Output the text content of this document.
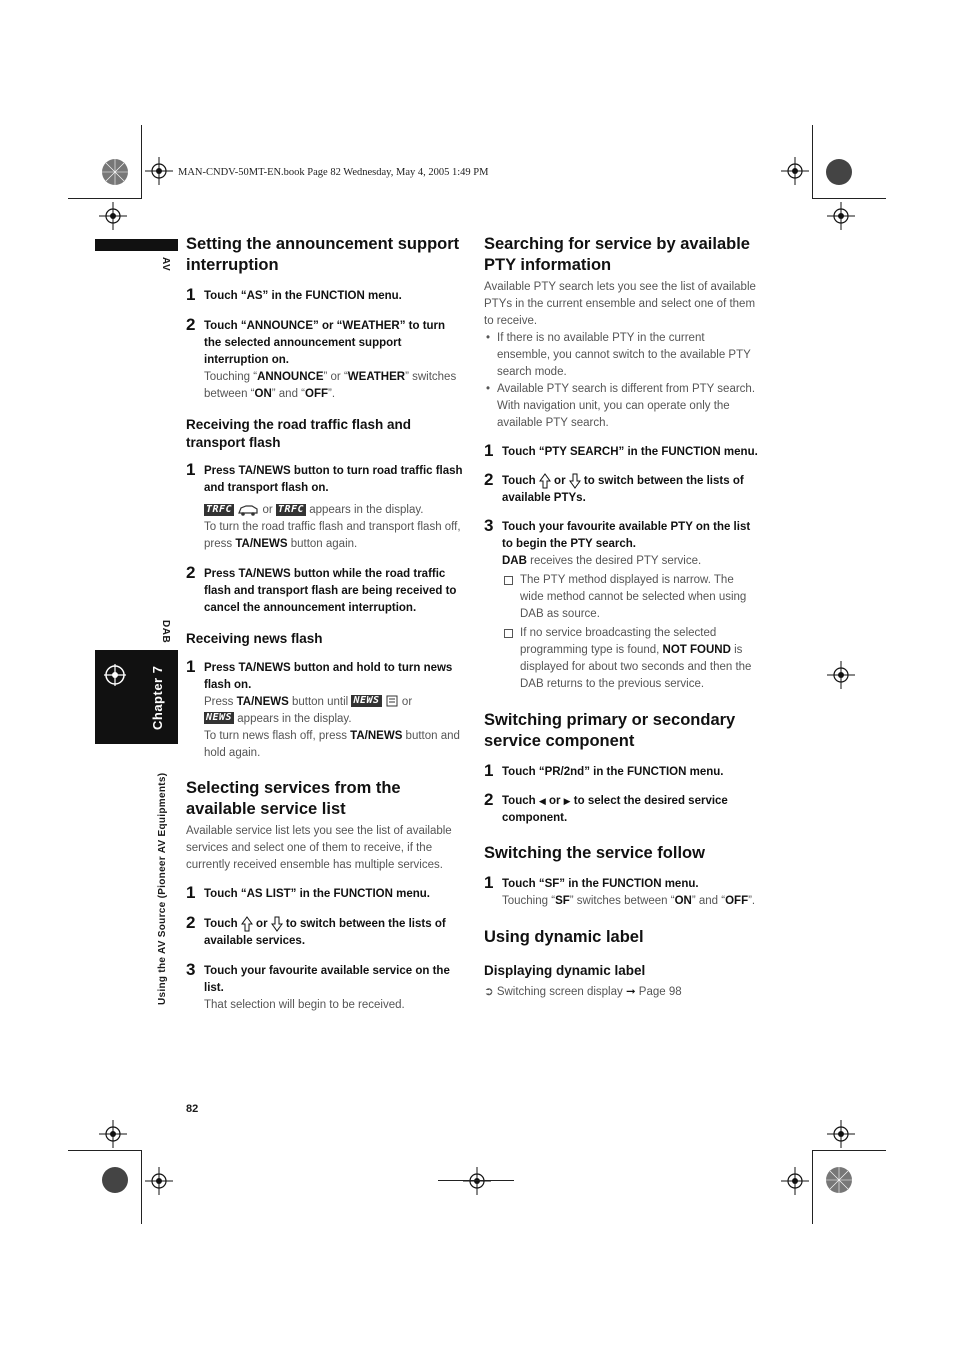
MAN-CNDV-50MT-EN.book Page 82 Wednesday, May 4, 2005 1:49 PM
AV
DAB
Chapter 7
Using the AV Source (Pioneer AV Equipments)

Setting the announcement support interruption

1 Touch “AS” in the FUNCTION menu.
2 Touch “ANNOUNCE” or “WEATHER” to turn the selected announcement support interruption on.

Touching “ANNOUNCE” or “WEATHER” switches between “ON” and “OFF”.

Receiving the road traffic flash and transport flash

1 Press TA/NEWS button to turn road traffic flash and transport flash on.

TRFC  or TRFC appears in the display.
To turn the road traffic flash and transport flash off, press TA/NEWS button again.

2 Press TA/NEWS button while the road traffic flash and transport flash are being received to cancel the announcement interruption.

Receiving news flash

1 Press TA/NEWS button and hold to turn news flash on.

Press TA/NEWS button until NEWS  or
NEWS appears in the display.
To turn news flash off, press TA/NEWS button and hold again.

Selecting services from the available service list

Available service list lets you see the list of available services and select one of them to receive, if the currently received ensemble has multiple services.

1 Touch “AS LIST” in the FUNCTION menu.
2 Touch  or  to switch between the lists of available services.
3 Touch your favourite available service on the list.

That selection will begin to be received.

Searching for service by available PTY information

Available PTY search lets you see the list of available PTYs in the current ensemble and select one of them to receive.

• If there is no available PTY in the current ensemble, you cannot switch to the available PTY search mode.

• Available PTY search is different from PTY search. With navigation unit, you can operate only the available PTY search.

1 Touch “PTY SEARCH” in the FUNCTION menu.
2 Touch  or  to switch between the lists of available PTYs.
3 Touch your favourite available PTY on the list to begin the PTY search.

DAB receives the desired PTY service.

The PTY method displayed is narrow. The wide method cannot be selected when using DAB as source.

If no service broadcasting the selected programming type is found, NOT FOUND is displayed for about two seconds and then the DAB returns to the previous service.

Switching primary or secondary service component

1 Touch “PR/2nd” in the FUNCTION menu.
2 Touch ◀ or ▶ to select the desired service component.

Switching the service follow

1 Touch “SF” in the FUNCTION menu.

Touching “SF” switches between “ON” and “OFF”.

Using dynamic label

Displaying dynamic label

➲ Switching screen display ➞ Page 98

82
